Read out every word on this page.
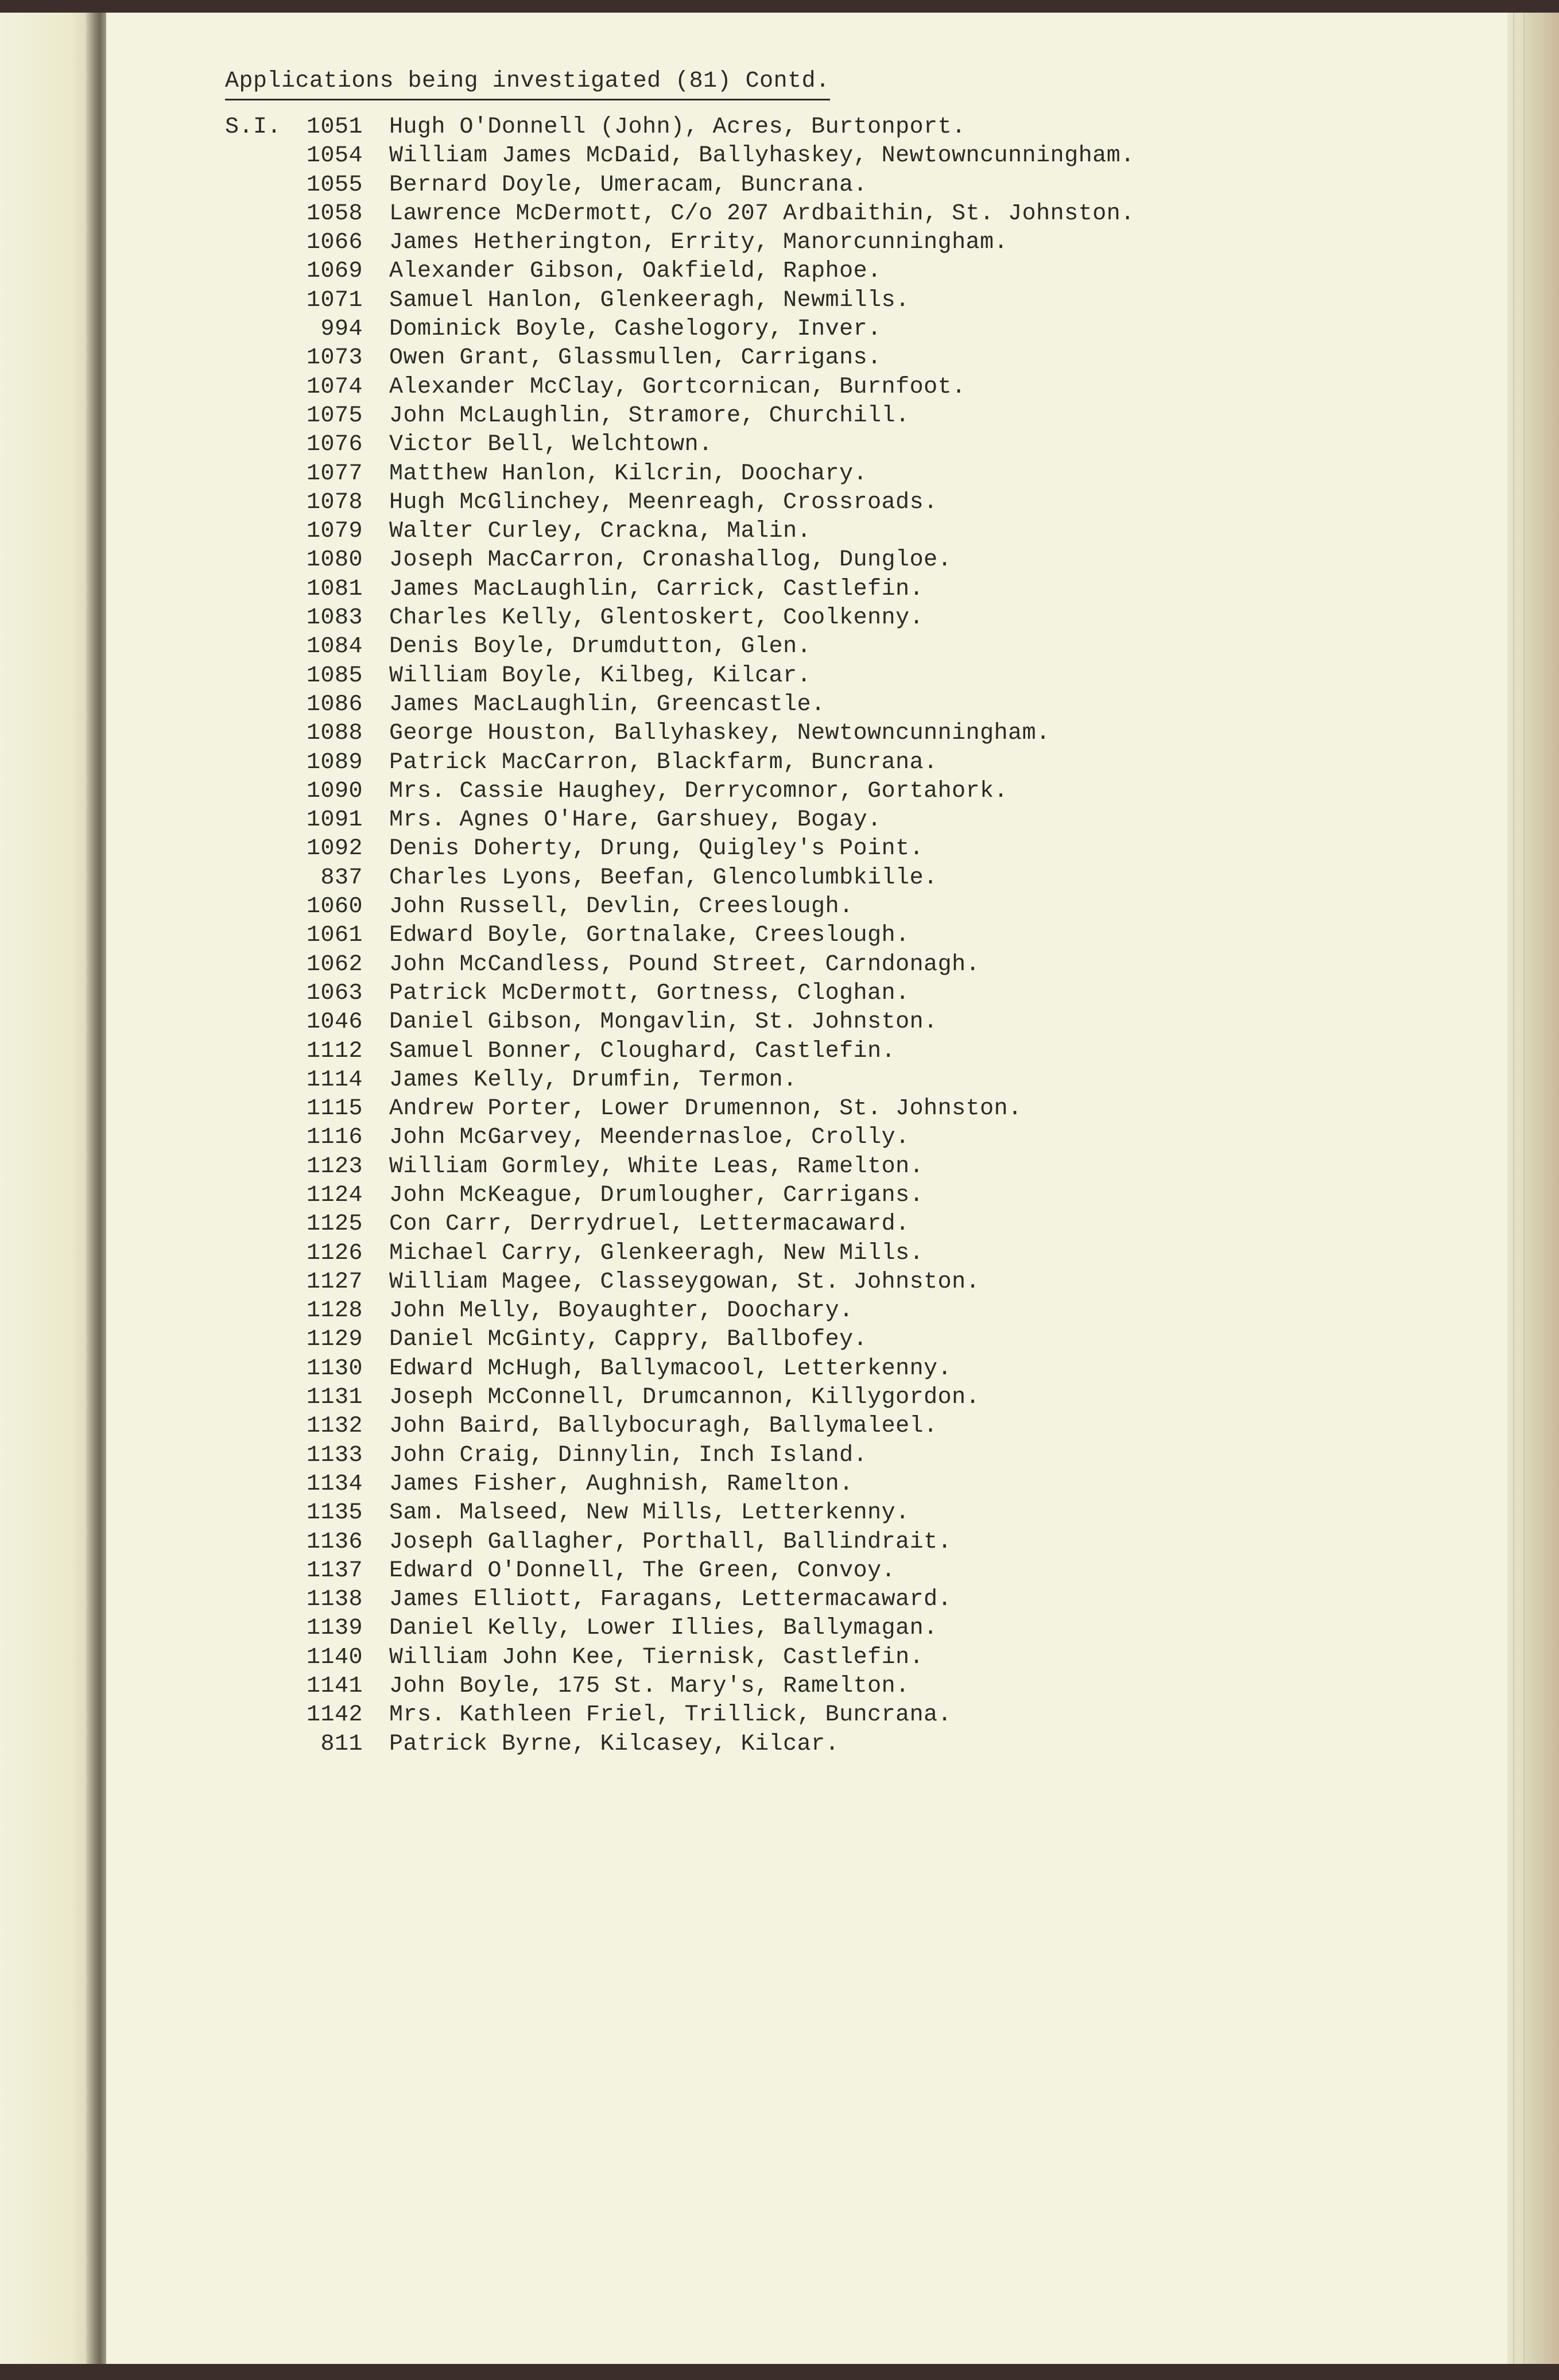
Applications being investigated (81) Contd.
S.I.	1051	Hugh O'Donnell (John), Acres, Burtonport.
1054	William James McDaid, Ballyhaskey, Newtowncunningham.
1055	Bernard Doyle, Umeracam, Buncrana.
1058	Lawrence McDermott, C/o 207 Ardbaithin, St. Johnston.
1066	James Hetherington, Errity, Manorcunningham.
1069	Alexander Gibson, Oakfield, Raphoe.
1071	Samuel Hanlon, Glenkeeragh, Newmills.
994	Dominick Boyle, Cashelogory, Inver.
1073	Owen Grant, Glassmullen, Carrigans.
1074	Alexander McClay, Gortcornican, Burnfoot.
1075	John McLaughlin, Stramore, Churchill.
1076	Victor Bell, Welchtown.
1077	Matthew Hanlon, Kilcrin, Doochary.
1078	Hugh McGlinchey, Meenreagh, Crossroads.
1079	Walter Curley, Crackna, Malin.
1080	Joseph MacCarron, Cronashallog, Dungloe.
1081	James MacLaughlin, Carrick, Castlefin.
1083	Charles Kelly, Glentoskert, Coolkenny.
1084	Denis Boyle, Drumdutton, Glen.
1085	William Boyle, Kilbeg, Kilcar.
1086	James MacLaughlin, Greencastle.
1088	George Houston, Ballyhaskey, Newtowncunningham.
1089	Patrick MacCarron, Blackfarm, Buncrana.
1090	Mrs. Cassie Haughey, Derrycomnor, Gortahork.
1091	Mrs. Agnes O'Hare, Garshuey, Bogay.
1092	Denis Doherty, Drung, Quigley's Point.
837	Charles Lyons, Beefan, Glencolumbkille.
1060	John Russell, Devlin, Creeslough.
1061	Edward Boyle, Gortnalake, Creeslough.
1062	John McCandless, Pound Street, Carndonagh.
1063	Patrick McDermott, Gortness, Cloghan.
1046	Daniel Gibson, Mongavlin, St. Johnston.
1112	Samuel Bonner, Cloughard, Castlefin.
1114	James Kelly, Drumfin, Termon.
1115	Andrew Porter, Lower Drumennon, St. Johnston.
1116	John McGarvey, Meendernasloe, Crolly.
1123	William Gormley, White Leas, Ramelton.
1124	John McKeague, Drumlougher, Carrigans.
1125	Con Carr, Derrydruel, Lettermacaward.
1126	Michael Carry, Glenkeeragh, New Mills.
1127	William Magee, Classeygowan, St. Johnston.
1128	John Melly, Boyaughter, Doochary.
1129	Daniel McGinty, Cappry, Ballbofey.
1130	Edward McHugh, Ballymacool, Letterkenny.
1131	Joseph McConnell, Drumcannon, Killygordon.
1132	John Baird, Ballybocuragh, Ballymaleel.
1133	John Craig, Dinnylin, Inch Island.
1134	James Fisher, Aughnish, Ramelton.
1135	Sam. Malseed, New Mills, Letterkenny.
1136	Joseph Gallagher, Porthall, Ballindrait.
1137	Edward O'Donnell, The Green, Convoy.
1138	James Elliott, Faragans, Lettermacaward.
1139	Daniel Kelly, Lower Illies, Ballymagan.
1140	William John Kee, Tiernisk, Castlefin.
1141	John Boyle, 175 St. Mary's, Ramelton.
1142	Mrs. Kathleen Friel, Trillick, Buncrana.
811	Patrick Byrne, Kilcasey, Kilcar.
